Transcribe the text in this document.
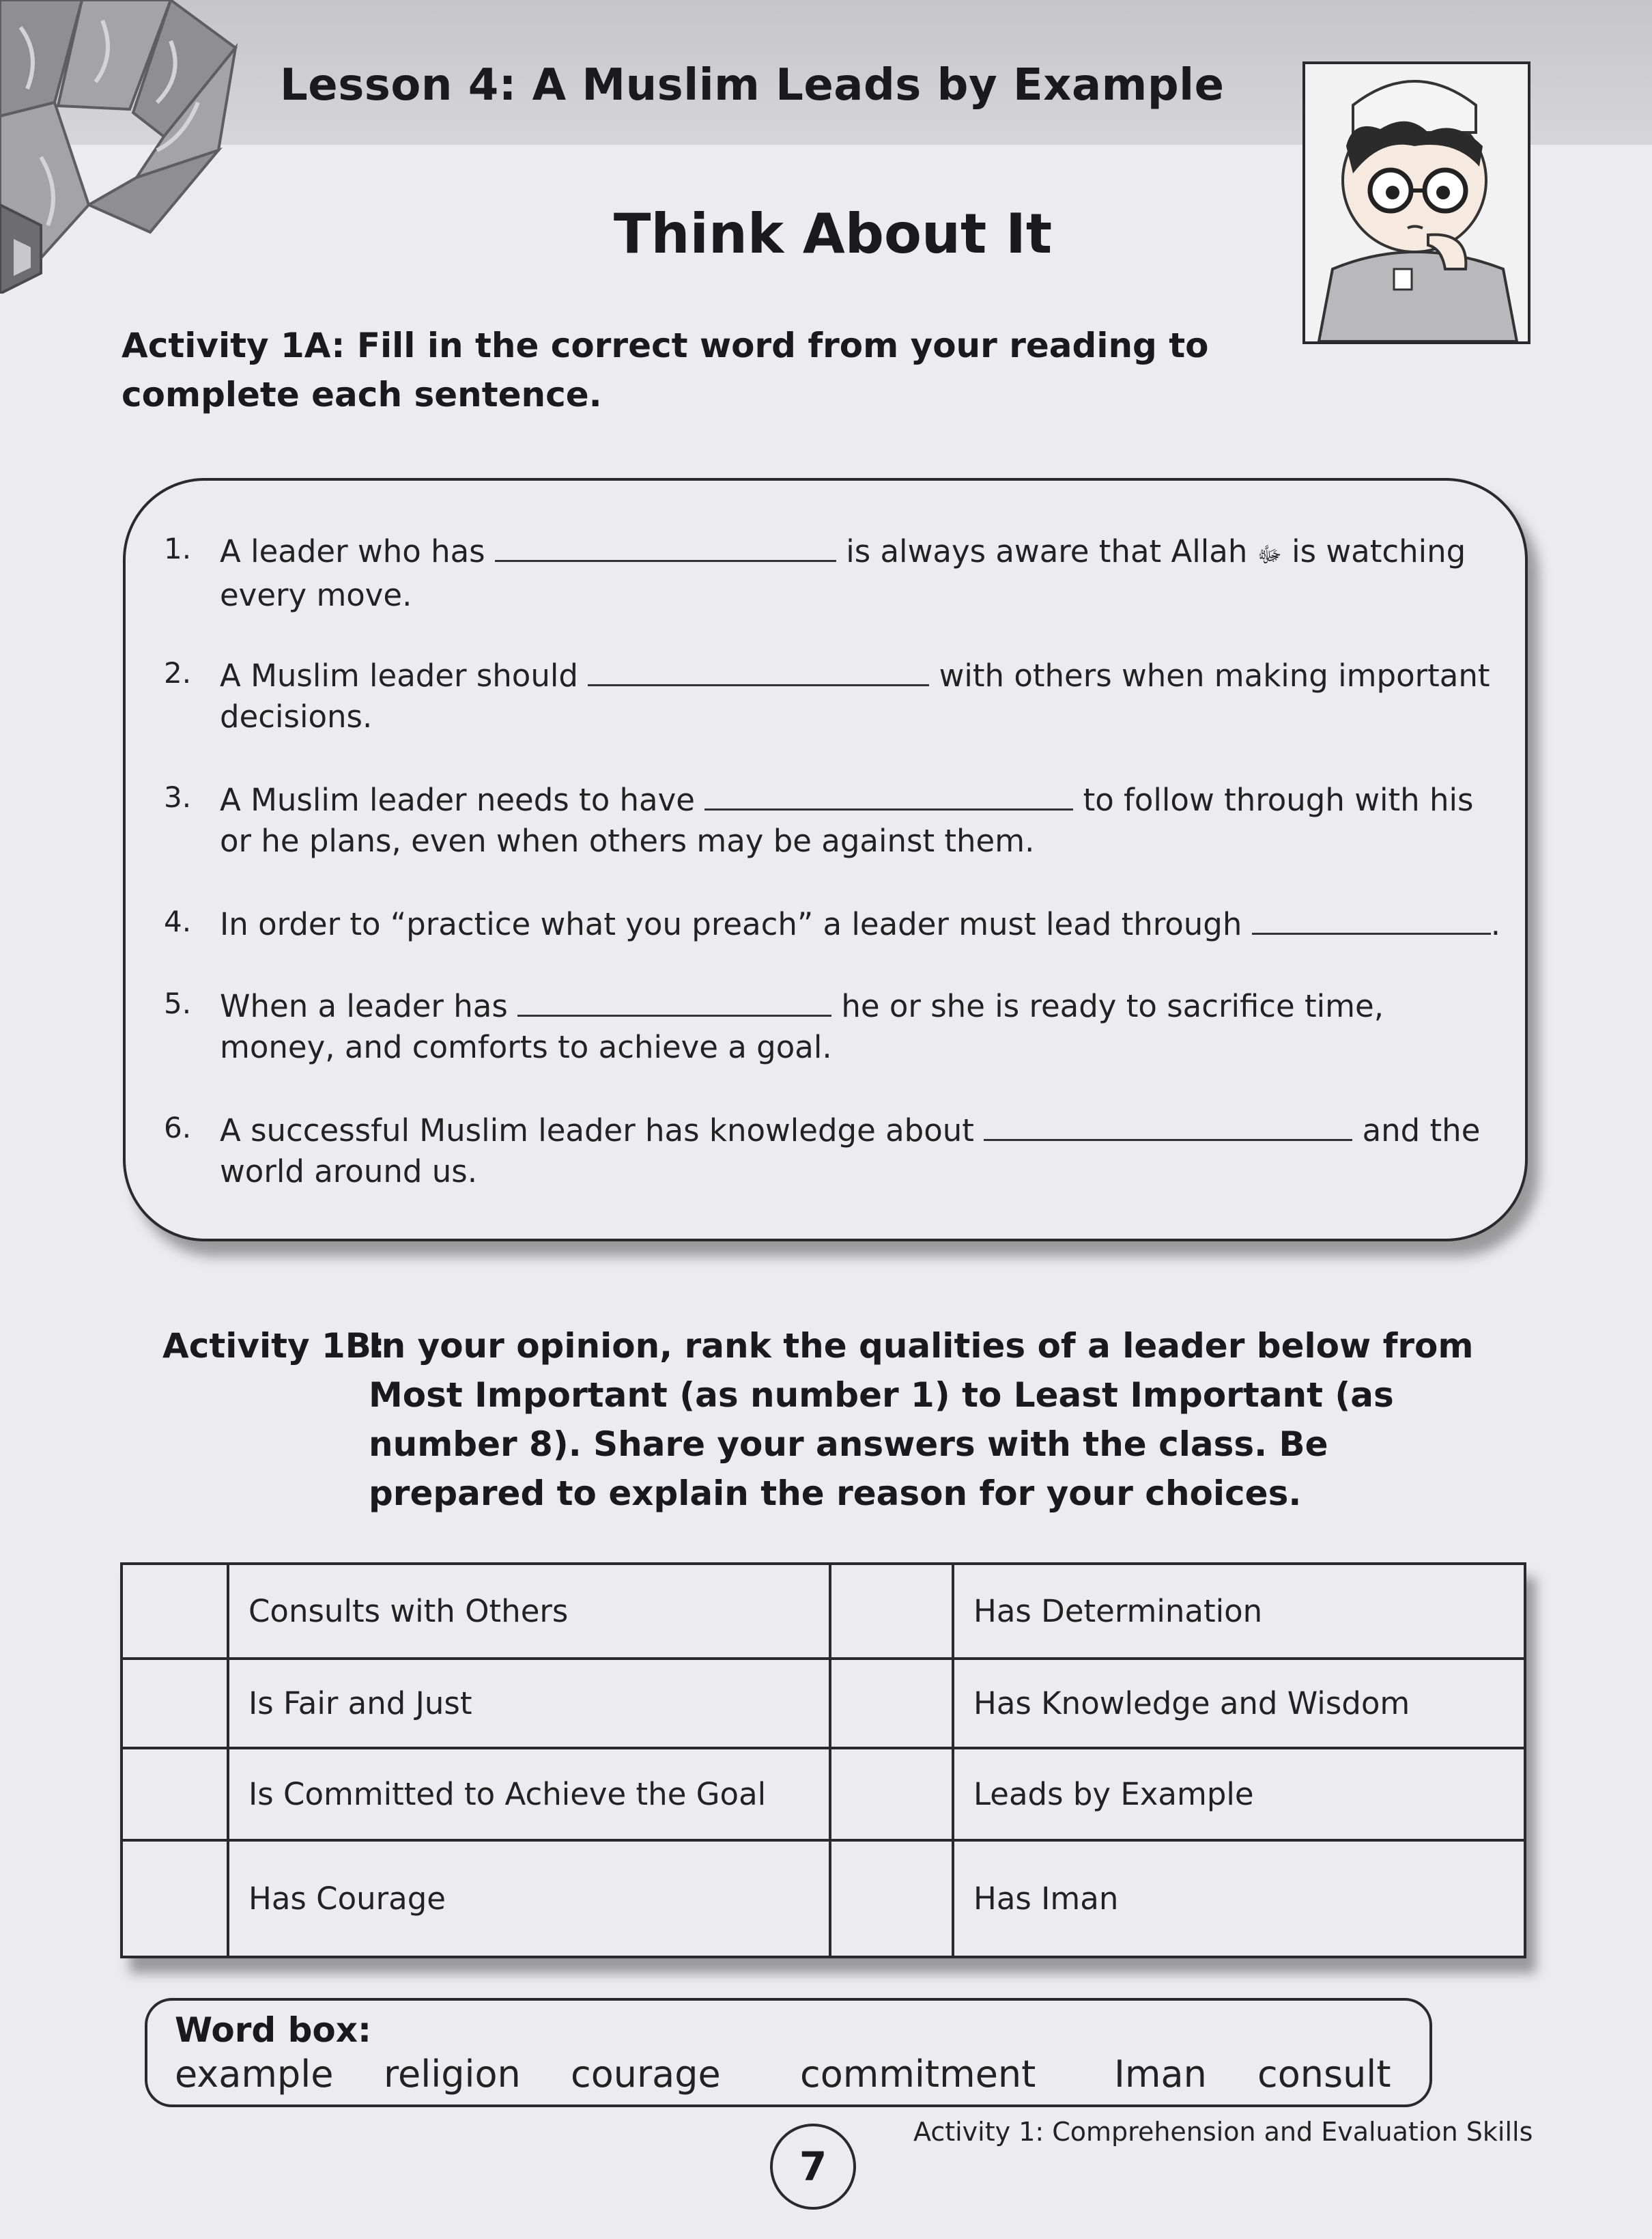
Lesson 4: A Muslim Leads by Example
Think About It
Activity 1A: Fill in the correct word from your reading to complete each sentence.
1. A leader who has	is always aware that Allah ﷻ is watching every move.
2. A Muslim leader should	with others when making important decisions.
3. A Muslim leader needs to have	to follow through with his or he plans, even when others may be against them.
4. In order to “practice what you preach” a leader must lead through	.
5. When a leader has	he or she is ready to sacrifice time, money, and comforts to achieve a goal.
6. A successful Muslim leader has knowledge about	and the world around us.
Activity 1B:
In your opinion, rank the qualities of a leader below from Most Important (as number 1) to Least Important (as number 8). Share your answers with the class. Be prepared to explain the reason for your choices.
	Consults with Others		Has Determination
	Is Fair and Just		Has Knowledge and Wisdom
	Is Committed to Achieve the Goal		Leads by Example
	Has Courage		Has Iman
Word box:
example religion courage commitment Iman consult
7
Activity 1: Comprehension and Evaluation Skills
